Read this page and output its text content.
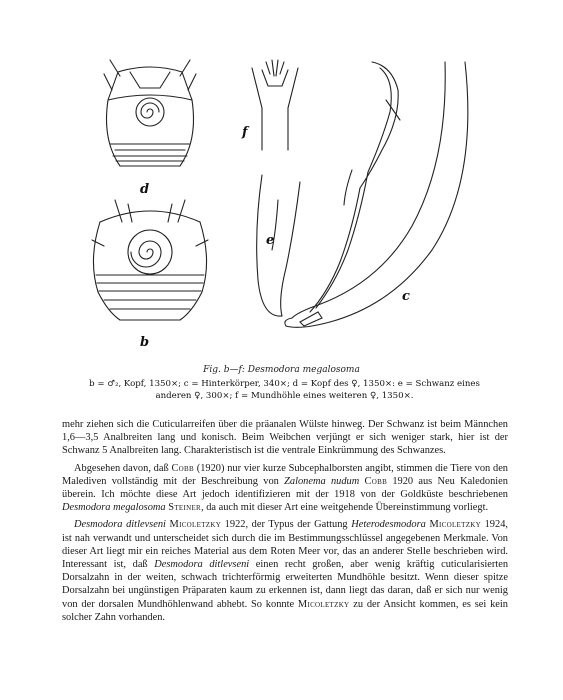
d
b
f
e
c
Fig. b—f: Desmodora megalosoma
b = ♂₂, Kopf, 1350×; c = Hinterkörper, 340×; d = Kopf des ♀, 1350×: e = Schwanz eines
anderen ♀, 300×; f = Mundhöhle eines weiteren ♀, 1350×.

mehr ziehen sich die Cuticularreifen über die präanalen Wülste hinweg. Der Schwanz ist beim Männchen 1,6—3,5 Analbreiten lang und konisch. Beim Weibchen verjüngt er sich weniger stark, hier ist der Schwanz 5 Analbreiten lang. Charakteristisch ist die ventrale Einkrümmung des Schwanzes.

Abgesehen davon, daß Cobb (1920) nur vier kurze Subcephalborsten angibt, stimmen die Tiere von den Malediven vollständig mit der Beschreibung von Zalonema nudum Cobb 1920 aus Neu Kaledonien überein. Ich möchte diese Art jedoch identifizieren mit der 1918 von der Goldküste beschriebenen Desmodora megalosoma Steiner, da auch mit dieser Art eine weitgehende Übereinstimmung vorliegt.

Desmodora ditlevseni Micoletzky 1922, der Typus der Gattung Heterodesmodora Micoletzky 1924, ist nah verwandt und unterscheidet sich durch die im Bestimmungsschlüssel angegebenen Merkmale. Von dieser Art liegt mir ein reiches Material aus dem Roten Meer vor, das an anderer Stelle beschrieben wird. Interessant ist, daß Desmodora ditlevseni einen recht großen, aber wenig kräftig cuticularisierten Dorsalzahn in der weiten, schwach trichterförmig erweiterten Mundhöhle besitzt. Wenn dieser spitze Dorsalzahn bei ungünstigen Präparaten kaum zu erkennen ist, dann liegt das daran, daß er sich nur wenig von der dorsalen Mundhöhlenwand abhebt. So konnte Micoletzky zu der Ansicht kommen, es sei kein solcher Zahn vorhanden.
